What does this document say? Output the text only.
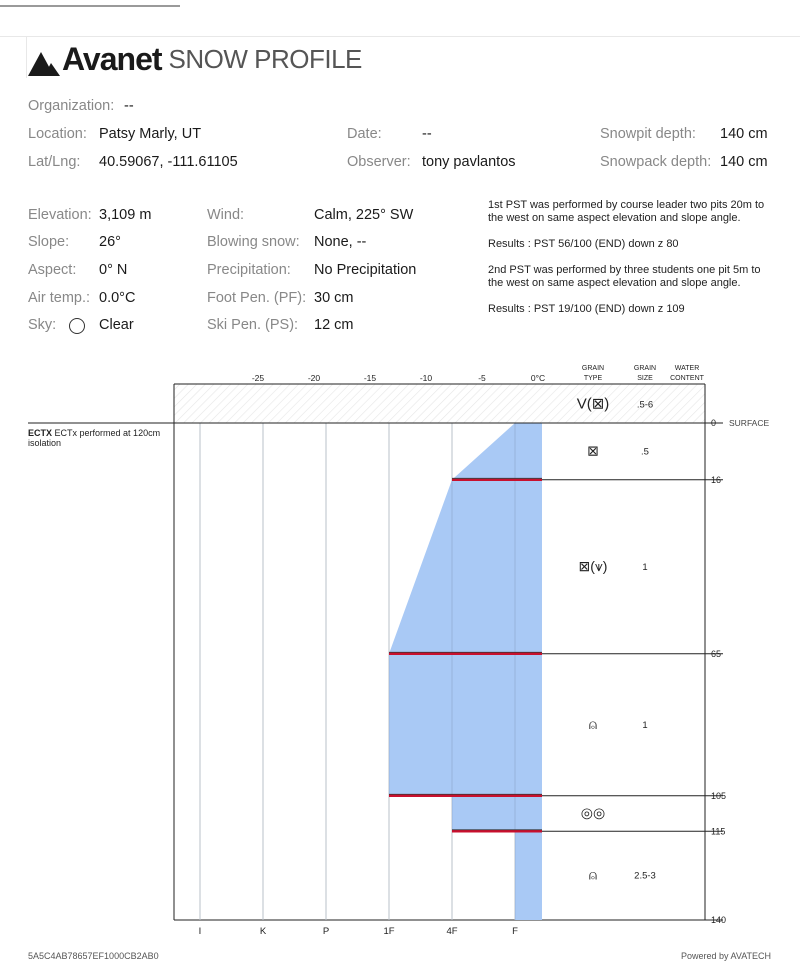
Avanet SNOW PROFILE
Organization: --
Location: Patsy Marly, UT
Lat/Lng: 40.59067, -111.61105
Date:	--
Observer: tony pavlantos
Snowpit depth: 140 cm
Snowpack depth: 140 cm
Elevation: 3,109 m
Slope: 26°
Aspect: 0° N
Air temp.: 0.0°C
Sky:	Clear
Wind:	Calm, 225° SW
Blowing snow: None, --
Precipitation: No Precipitation
Foot Pen. (PF): 30 cm
Ski Pen. (PS): 12 cm
1st PST was performed by course leader two pits 20m to the west on same aspect elevation and slope angle.
Results : PST 56/100 (END) down z 80
2nd PST was performed by three students one pit 5m to the west on same aspect elevation and slope angle.
Results : PST 19/100 (END) down z 109
ECTX ECTx performed at 120cm isolation
-25	-20	-15	-10	-5	0°C
GRAIN
TYPE
GRAIN
SIZE
WATER
CONTENT
I	K	P	1F	4F	F
0
16
65
105
115
140
SURFACE
V(⊠)	.5-6
⊠	.5
⊠(⩛)	1
⍝	1
◎◎
⍝	2.5-3
5A5C4AB78657EF1000CB2AB0	Powered by AVATECH
